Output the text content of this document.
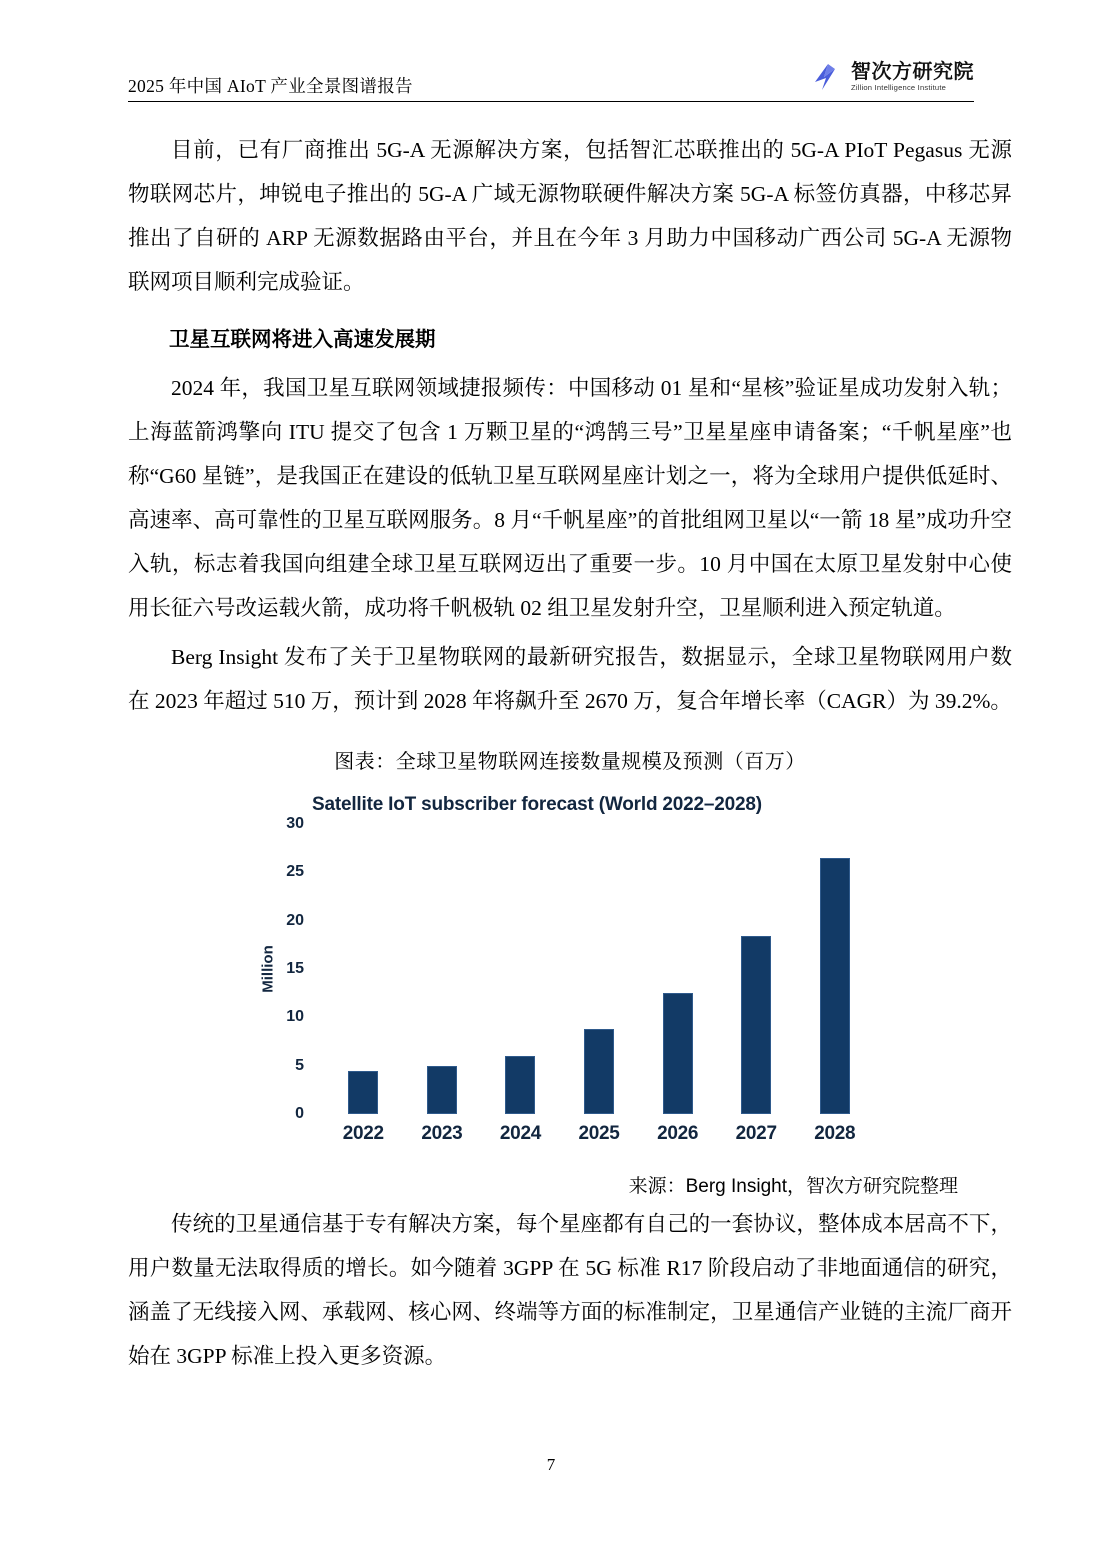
2025 年中国 AIoT 产业全景图谱报告
智次方研究院
Zillion Intelligence Institute

目前，已有厂商推出 5G-A 无源解决方案，包括智汇芯联推出的 5G-A PIoT Pegasus 无源物联网芯片，坤锐电子推出的 5G-A 广域无源物联硬件解决方案 5G-A 标签仿真器，中移芯昇推出了自研的 ARP 无源数据路由平台，并且在今年 3 月助力中国移动广西公司 5G-A 无源物联网项目顺利完成验证。

卫星互联网将进入高速发展期

2024 年，我国卫星互联网领域捷报频传：中国移动 01 星和“星核”验证星成功发射入轨；上海蓝箭鸿擎向 ITU 提交了包含 1 万颗卫星的“鸿鹄三号”卫星星座申请备案；“千帆星座”也称“G60 星链”，是我国正在建设的低轨卫星互联网星座计划之一，将为全球用户提供低延时、高速率、高可靠性的卫星互联网服务。8 月“千帆星座”的首批组网卫星以“一箭 18 星”成功升空入轨，标志着我国向组建全球卫星互联网迈出了重要一步。10 月中国在太原卫星发射中心使用长征六号改运载火箭，成功将千帆极轨 02 组卫星发射升空，卫星顺利进入预定轨道。

Berg Insight 发布了关于卫星物联网的最新研究报告，数据显示，全球卫星物联网用户数在 2023 年超过 510 万，预计到 2028 年将飙升至 2670 万，复合年增长率（CAGR）为 39.2%。

图表：全球卫星物联网连接数量规模及预测（百万）
Satellite IoT subscriber forecast (World 2022–2028)
Million
30
25
20
15
10
5
0
2022	2023	2024	2025	2026	2027	2028
来源：Berg Insight，智次方研究院整理

传统的卫星通信基于专有解决方案，每个星座都有自己的一套协议，整体成本居高不下，用户数量无法取得质的增长。如今随着 3GPP 在 5G 标准 R17 阶段启动了非地面通信的研究，涵盖了无线接入网、承载网、核心网、终端等方面的标准制定，卫星通信产业链的主流厂商开始在 3GPP 标准上投入更多资源。

7
